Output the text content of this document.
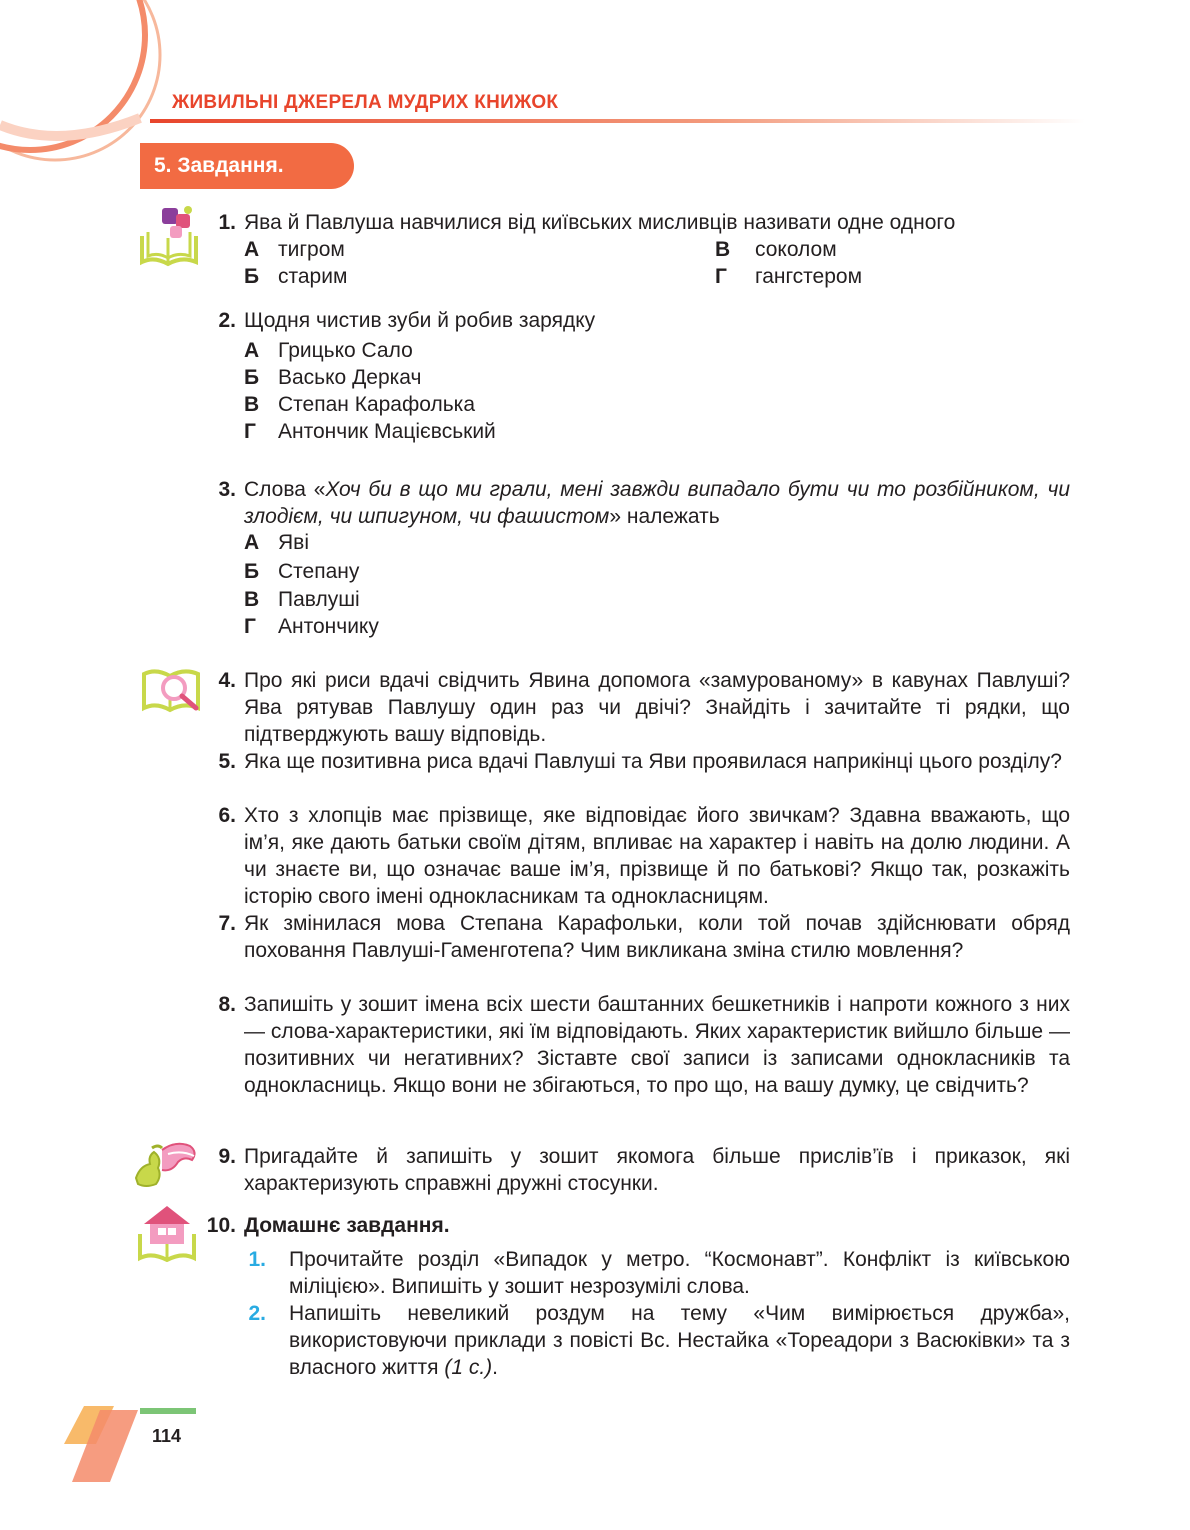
ЖИВИЛЬНІ ДЖЕРЕЛА МУДРИХ КНИЖОК
5. Завдання.
1. Ява й Павлуша навчилися від київських мисливців називати одне одного
А тигром
Б старим
В соколом
Г гангстером
2. Щодня чистив зуби й робив зарядку
А Грицько Сало
Б Васько Деркач
В Степан Карафолька
Г Антончик Мацієвський
3. Слова «Хоч би в що ми грали, мені завжди випадало бути чи то розбійником, чи злодієм, чи шпигуном, чи фашистом» належать
А Яві
Б Степану
В Павлуші
Г Антончику
4. Про які риси вдачі свідчить Явина допомога «замурованому» в кавунах Павлуші? Ява рятував Павлушу один раз чи двічі? Знайдіть і зачитайте ті рядки, що підтверджують вашу відповідь.
5. Яка ще позитивна риса вдачі Павлуші та Яви проявилася наприкінці цього розділу?
6. Хто з хлопців має прізвище, яке відповідає його звичкам? Здавна вважають, що ім’я, яке дають батьки своїм дітям, впливає на характер і навіть на долю людини. А чи знаєте ви, що означає ваше ім’я, прізвище й по батькові? Якщо так, розкажіть історію свого імені однокласникам та однокласницям.
7. Як змінилася мова Степана Карафольки, коли той почав здійснювати обряд поховання Павлуші-Гаменготепа? Чим викликана зміна стилю мовлення?
8. Запишіть у зошит імена всіх шести баштанних бешкетників і напроти кожного з них — слова-характеристики, які їм відповідають. Яких характеристик вийшло більше — позитивних чи негативних? Зіставте свої записи із записами однокласників та однокласниць. Якщо вони не збігаються, то про що, на вашу думку, це свідчить?
9. Пригадайте й запишіть у зошит якомога більше прислів’їв і приказок, які характеризують справжні дружні стосунки.
10. Домашнє завдання.
1. Прочитайте розділ «Випадок у метро. “Космонавт”. Конфлікт із київською міліцією». Випишіть у зошит незрозумілі слова.
2. Напишіть невеликий роздум на тему «Чим вимірюється дружба», використовуючи приклади з повісті Вс. Нестайка «Тореадори з Васюківки» та з власного життя (1 с.).
114
